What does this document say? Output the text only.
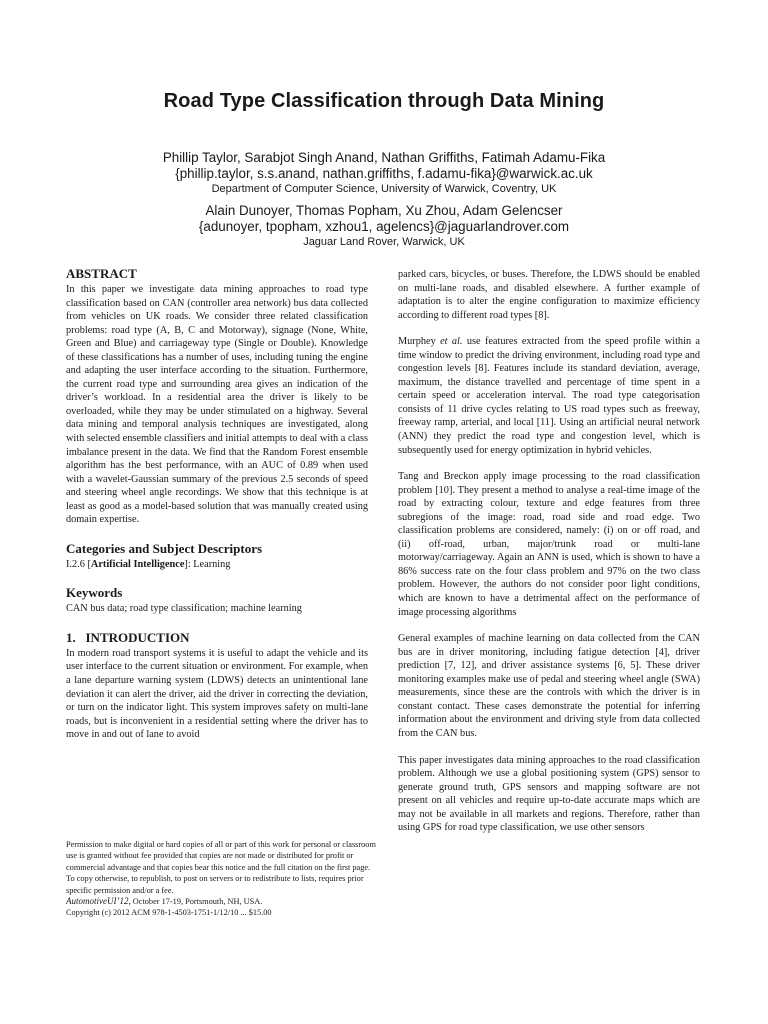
Road Type Classification through Data Mining
Phillip Taylor, Sarabjot Singh Anand, Nathan Griffiths, Fatimah Adamu-Fika
{phillip.taylor, s.s.anand, nathan.griffiths, f.adamu-fika}@warwick.ac.uk
Department of Computer Science, University of Warwick, Coventry, UK
Alain Dunoyer, Thomas Popham, Xu Zhou, Adam Gelencser
{adunoyer, tpopham, xzhou1, agelencs}@jaguarlandrover.com
Jaguar Land Rover, Warwick, UK
ABSTRACT

In this paper we investigate data mining approaches to road type classification based on CAN (controller area network) bus data collected from vehicles on UK roads. We consider three related classification problems: road type (A, B, C and Motorway), signage (None, White, Green and Blue) and carriageway type (Single or Double). Knowledge of these classifications has a number of uses, including tuning the engine and adapting the user interface according to the situation. Furthermore, the current road type and surrounding area gives an indication of the driver’s workload. In a residential area the driver is likely to be overloaded, while they may be under stimulated on a highway. Several data mining and temporal analysis techniques are investigated, along with selected ensemble classifiers and initial attempts to deal with a class imbalance present in the data. We find that the Random Forest ensemble algorithm has the best performance, with an AUC of 0.89 when used with a wavelet-Gaussian summary of the previous 2.5 seconds of speed and steering wheel angle recordings. We show that this technique is at least as good as a model-based solution that was manually created using domain expertise.

Categories and Subject Descriptors

I.2.6 [Artificial Intelligence]: Learning

Keywords

CAN bus data; road type classification; machine learning

1.   INTRODUCTION

In modern road transport systems it is useful to adapt the vehicle and its user interface to the current situation or environment. For example, when a lane departure warning system (LDWS) detects an unintentional lane deviation it can alert the driver, aid the driver in correcting the deviation, or turn on the indicator light. This system improves safety on multi-lane roads, but is inconvenient in a residential setting where the driver has to move in and out of lane to avoid

Permission to make digital or hard copies of all or part of this work for personal or classroom use is granted without fee provided that copies are not made or distributed for profit or commercial advantage and that copies bear this notice and the full citation on the first page. To copy otherwise, to republish, to post on servers or to redistribute to lists, requires prior specific permission and/or a fee.

AutomotiveUI’12, October 17-19, Portsmouth, NH, USA.

Copyright (c) 2012 ACM 978-1-4503-1751-1/12/10 ... $15.00

parked cars, bicycles, or buses. Therefore, the LDWS should be enabled on multi-lane roads, and disabled elsewhere. A further example of adaptation is to alter the engine configuration to maximize efficiency according to different road types [8].

Murphey et al. use features extracted from the speed profile within a time window to predict the driving environment, including road type and congestion levels [8]. Features include its standard deviation, average, maximum, the distance travelled and percentage of time spent in a certain speed or acceleration interval. The road type categorisation consists of 11 drive cycles relating to US road types such as freeway, freeway ramp, arterial, and local [11]. Using an artificial neural network (ANN) they predict the road type and congestion level, which is subsequently used for energy optimization in hybrid vehicles.

Tang and Breckon apply image processing to the road classification problem [10]. They present a method to analyse a real-time image of the road by extracting colour, texture and edge features from three subregions of the image: road, road side and road edge. Two classification problems are considered, namely: (i) on or off road, and (ii) off-road, urban, major/trunk road or multi-lane motorway/carriageway. Again an ANN is used, which is shown to have a 86% success rate on the four class problem and 97% on the two class problem. However, the authors do not consider poor light conditions, which are known to have a detrimental affect on the performance of image processing algorithms

General examples of machine learning on data collected from the CAN bus are in driver monitoring, including fatigue detection [4], driver prediction [7, 12], and driver assistance systems [6, 5]. These driver monitoring examples make use of pedal and steering wheel angle (SWA) measurements, since these are the controls with which the driver is in constant contact. These cases demonstrate the potential for inferring information about the environment and driving style from data collected from the CAN bus.

This paper investigates data mining approaches to the road classification problem. Although we use a global positioning system (GPS) sensor to generate ground truth, GPS sensors and mapping software are not present on all vehicles and require up-to-date accurate maps which are may not be available in all markets and regions. Therefore, rather than using GPS for road type classification, we use other sensors
